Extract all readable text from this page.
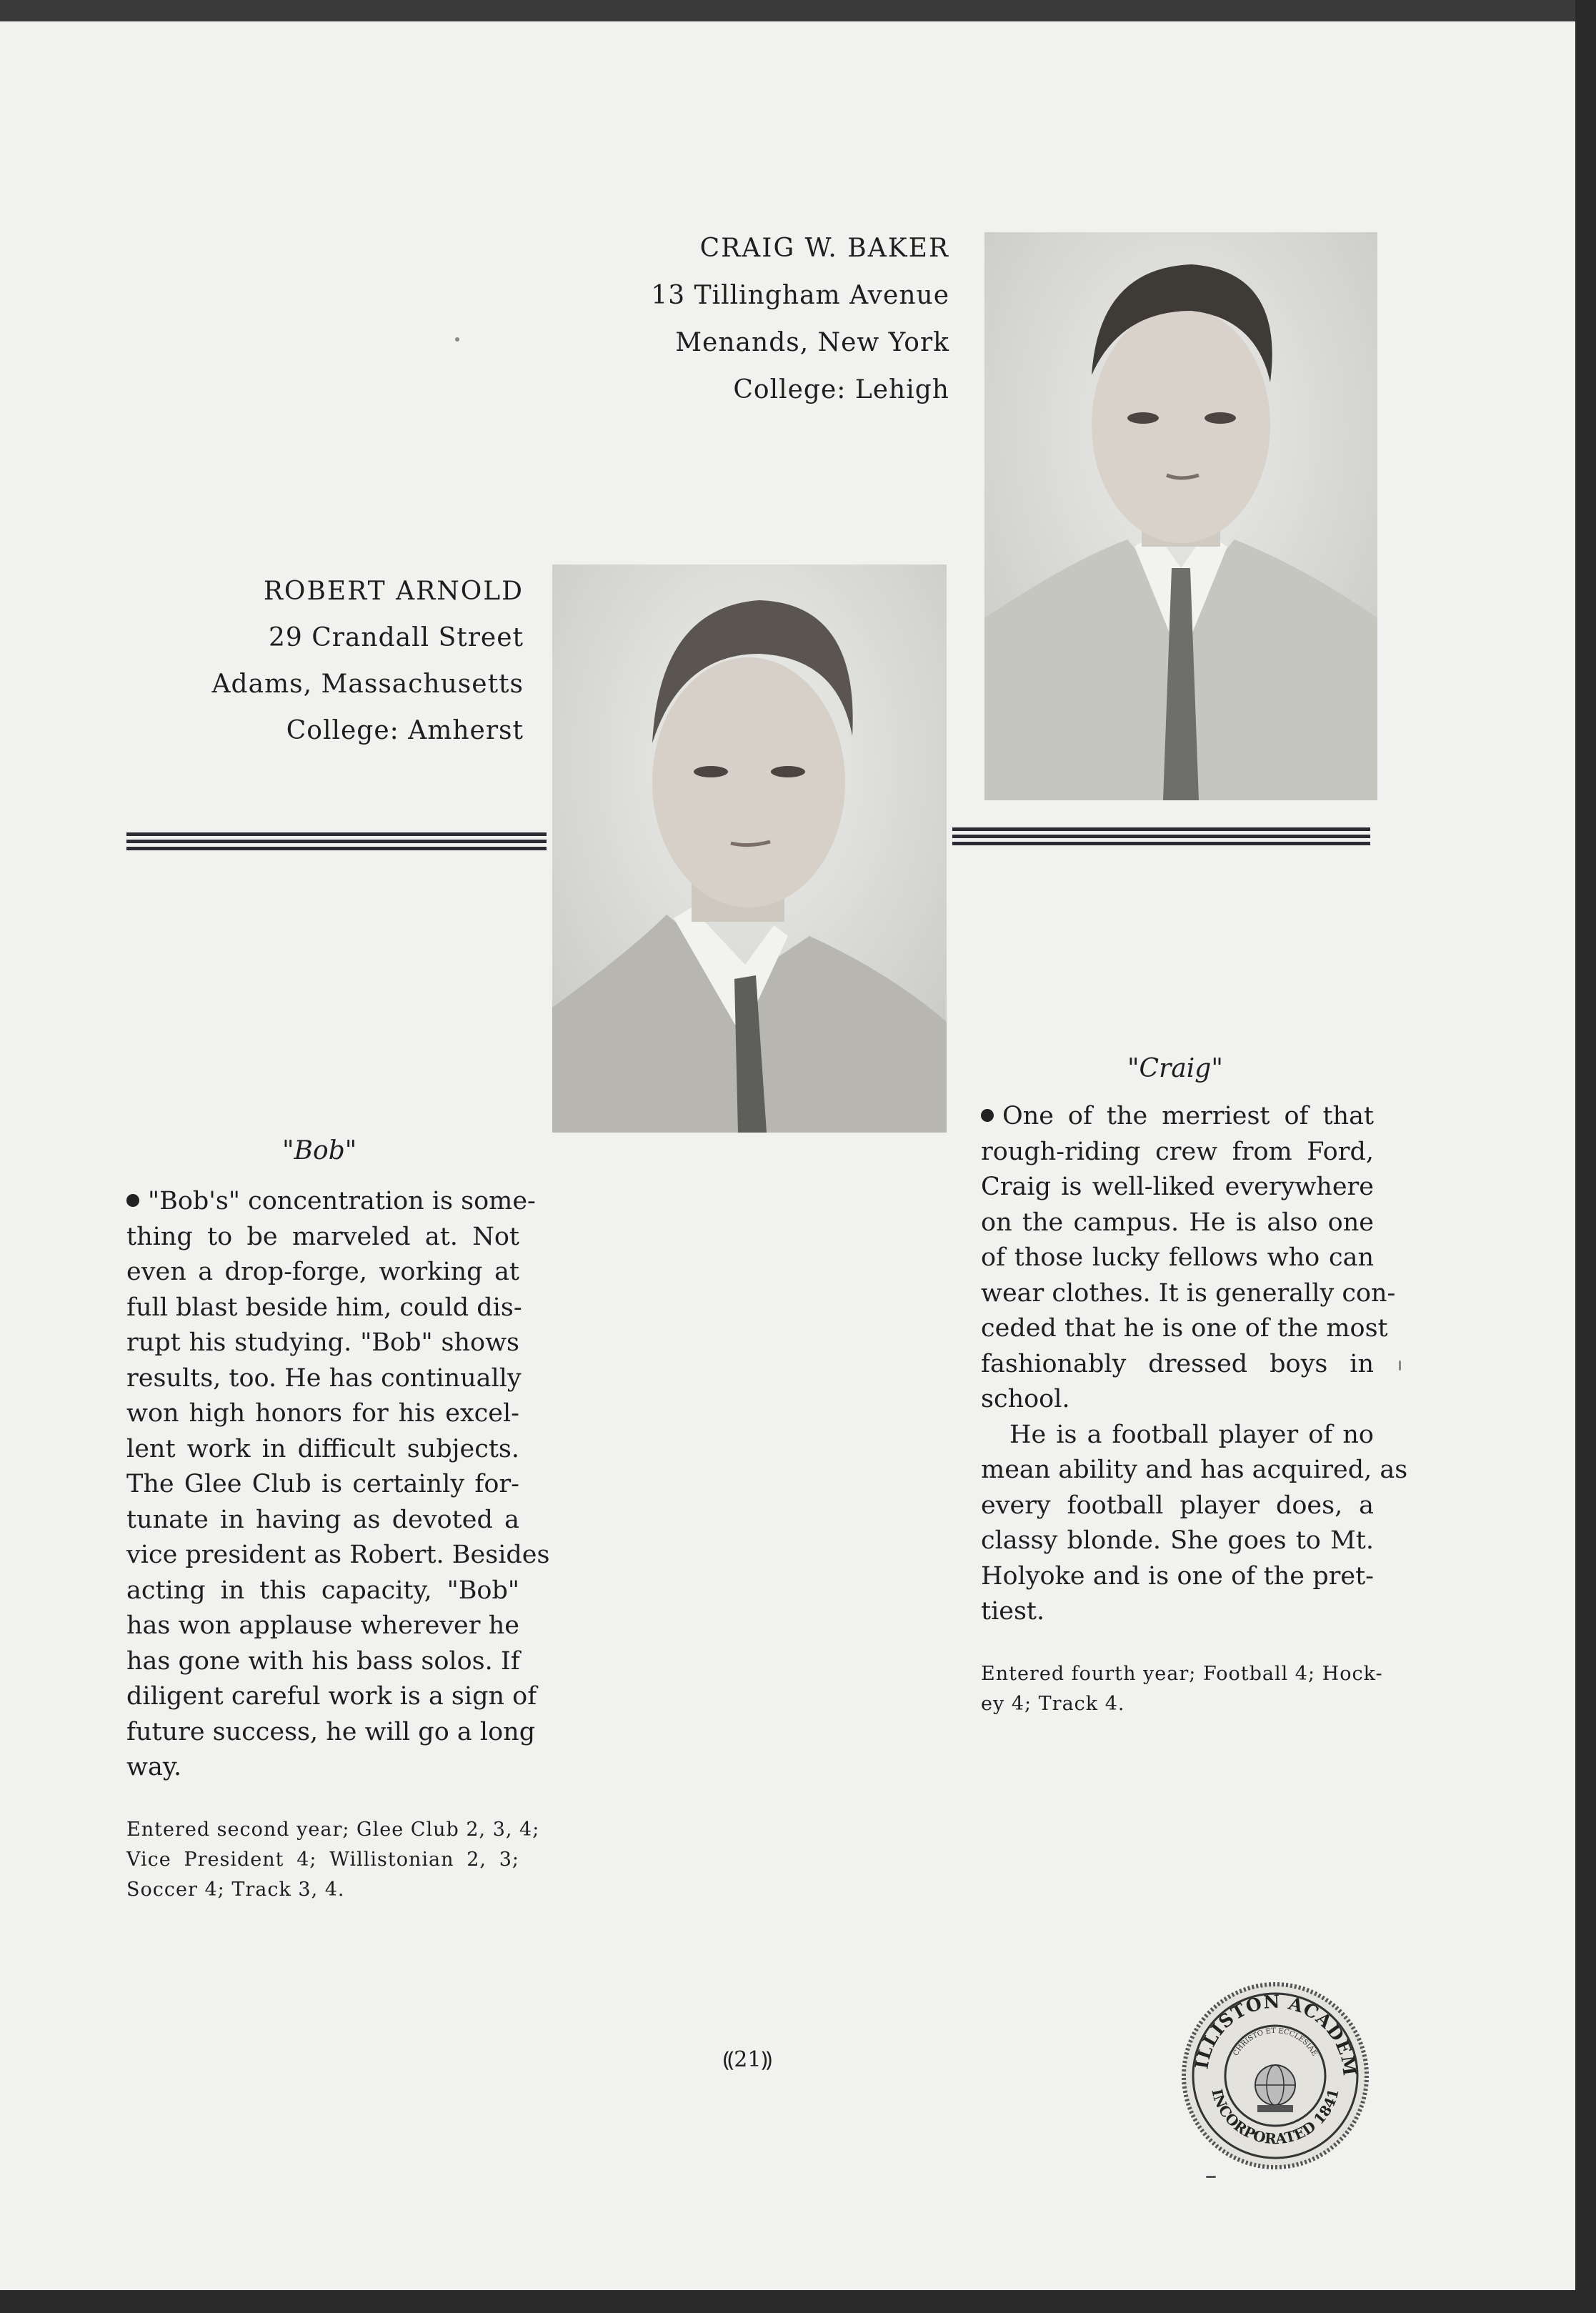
CRAIG W. BAKER
13 Tillingham Avenue
Menands, New York
College: Lehigh
ROBERT ARNOLD
29 Crandall Street
Adams, Massachusetts
College: Amherst
"Craig"
One of the merriest of that
rough-riding crew from Ford,
Craig is well-liked everywhere
on the campus. He is also one
of those lucky fellows who can
wear clothes. It is generally con-
ceded that he is one of the most
fashionably dressed boys in
school.
He is a football player of no
mean ability and has acquired, as
every football player does, a
classy blonde. She goes to Mt.
Holyoke and is one of the pret-
tiest.
Entered fourth year; Football 4; Hock-
ey 4; Track 4.
"Bob"
"Bob's" concentration is some-
thing to be marveled at. Not
even a drop-forge, working at
full blast beside him, could dis-
rupt his studying. "Bob" shows
results, too. He has continually
won high honors for his excel-
lent work in difficult subjects.
The Glee Club is certainly for-
tunate in having as devoted a
vice president as Robert. Besides
acting in this capacity, "Bob"
has won applause wherever he
has gone with his bass solos. If
diligent careful work is a sign of
future success, he will go a long
way.
Entered second year; Glee Club 2, 3, 4;
Vice President 4; Willistonian 2, 3;
Soccer 4; Track 3, 4.
⸨21⸩	ILLISTON ACADEM
INCORPORATED 1841
CHRISTO ET ECCLESIAE
